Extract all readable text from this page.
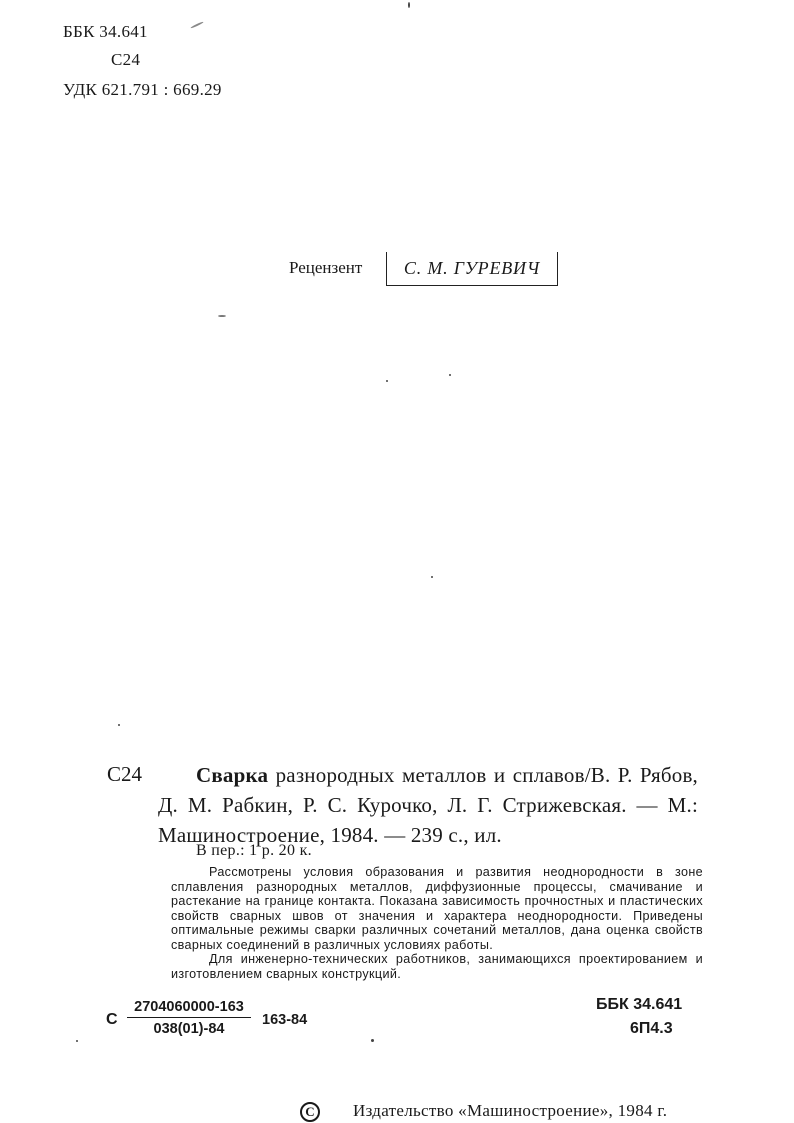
ББК 34.641
С24
УДК 621.791 : 669.29
Рецензент	С. М. ГУРЕВИЧ
С24	Сварка разнородных металлов и сплавов/В. Р. Рябов, Д. М. Рабкин, Р. С. Курочко, Л. Г. Стрижевская. — М.: Машиностроение, 1984. — 239 с., ил.
В пер.: 1 р. 20 к.

Рассмотрены условия образования и развития неоднородности в зоне сплавления разнородных металлов, диффузионные процессы, смачивание и растекание на границе контакта. Показана зависимость прочностных и пластических свойств сварных швов от значения и характера неоднородности. Приведены оптимальные режимы сварки различных сочетаний металлов, дана оценка свойств сварных соединений в различных условиях работы.

Для инженерно-технических работников, занимающихся проектированием и изготовлением сварных конструкций.

С
2704060000-163
038(01)-84
163-84
ББК 34.641
6П4.3
C	Издательство «Машиностроение», 1984 г.
